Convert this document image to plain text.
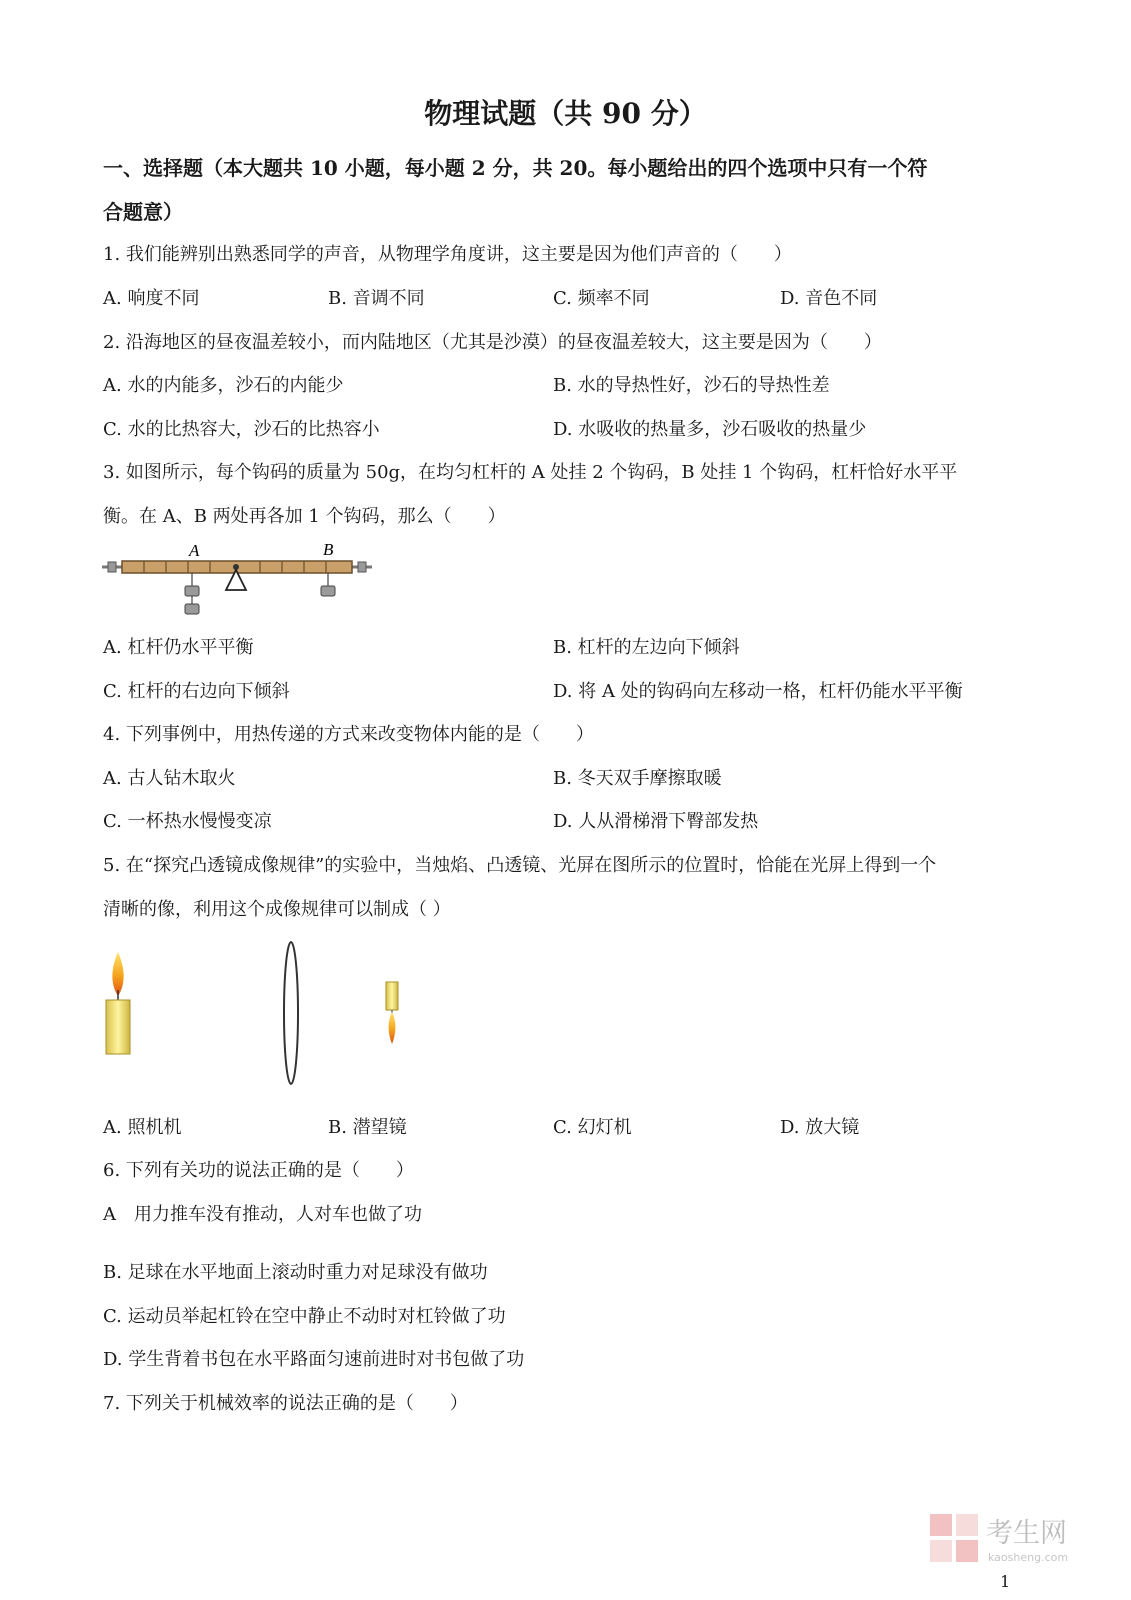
物理试题（共 90 分）
一、选择题（本大题共 10 小题，每小题 2 分，共 20。每小题给出的四个选项中只有一个符
合题意）
1. 我们能辨别出熟悉同学的声音，从物理学角度讲，这主要是因为他们声音的（　　）
A. 响度不同	B. 音调不同	C. 频率不同	D. 音色不同
2. 沿海地区的昼夜温差较小，而内陆地区（尤其是沙漠）的昼夜温差较大，这主要是因为（　　）
A. 水的内能多，沙石的内能少	B. 水的导热性好，沙石的导热性差
C. 水的比热容大，沙石的比热容小	D. 水吸收的热量多，沙石吸收的热量少
3. 如图所示，每个钩码的质量为 50g，在均匀杠杆的 A 处挂 2 个钩码，B 处挂 1 个钩码，杠杆恰好水平平
衡。在 A、B 两处再各加 1 个钩码，那么（　　）
A	B
A. 杠杆仍水平平衡	B. 杠杆的左边向下倾斜
C. 杠杆的右边向下倾斜	D. 将 A 处的钩码向左移动一格，杠杆仍能水平平衡
4. 下列事例中，用热传递的方式来改变物体内能的是（　　）
A. 古人钻木取火	B. 冬天双手摩擦取暖
C. 一杯热水慢慢变凉	D. 人从滑梯滑下臀部发热
5. 在“探究凸透镜成像规律”的实验中，当烛焰、凸透镜、光屏在图所示的位置时，恰能在光屏上得到一个
清晰的像，利用这个成像规律可以制成（ ）
A. 照机机	B. 潜望镜	C. 幻灯机	D. 放大镜
6. 下列有关功的说法正确的是（　　）
A　用力推车没有推动，人对车也做了功
B. 足球在水平地面上滚动时重力对足球没有做功
C. 运动员举起杠铃在空中静止不动时对杠铃做了功
D. 学生背着书包在水平路面匀速前进时对书包做了功
7. 下列关于机械效率的说法正确的是（　　）
考生网
kaosheng.com
1
